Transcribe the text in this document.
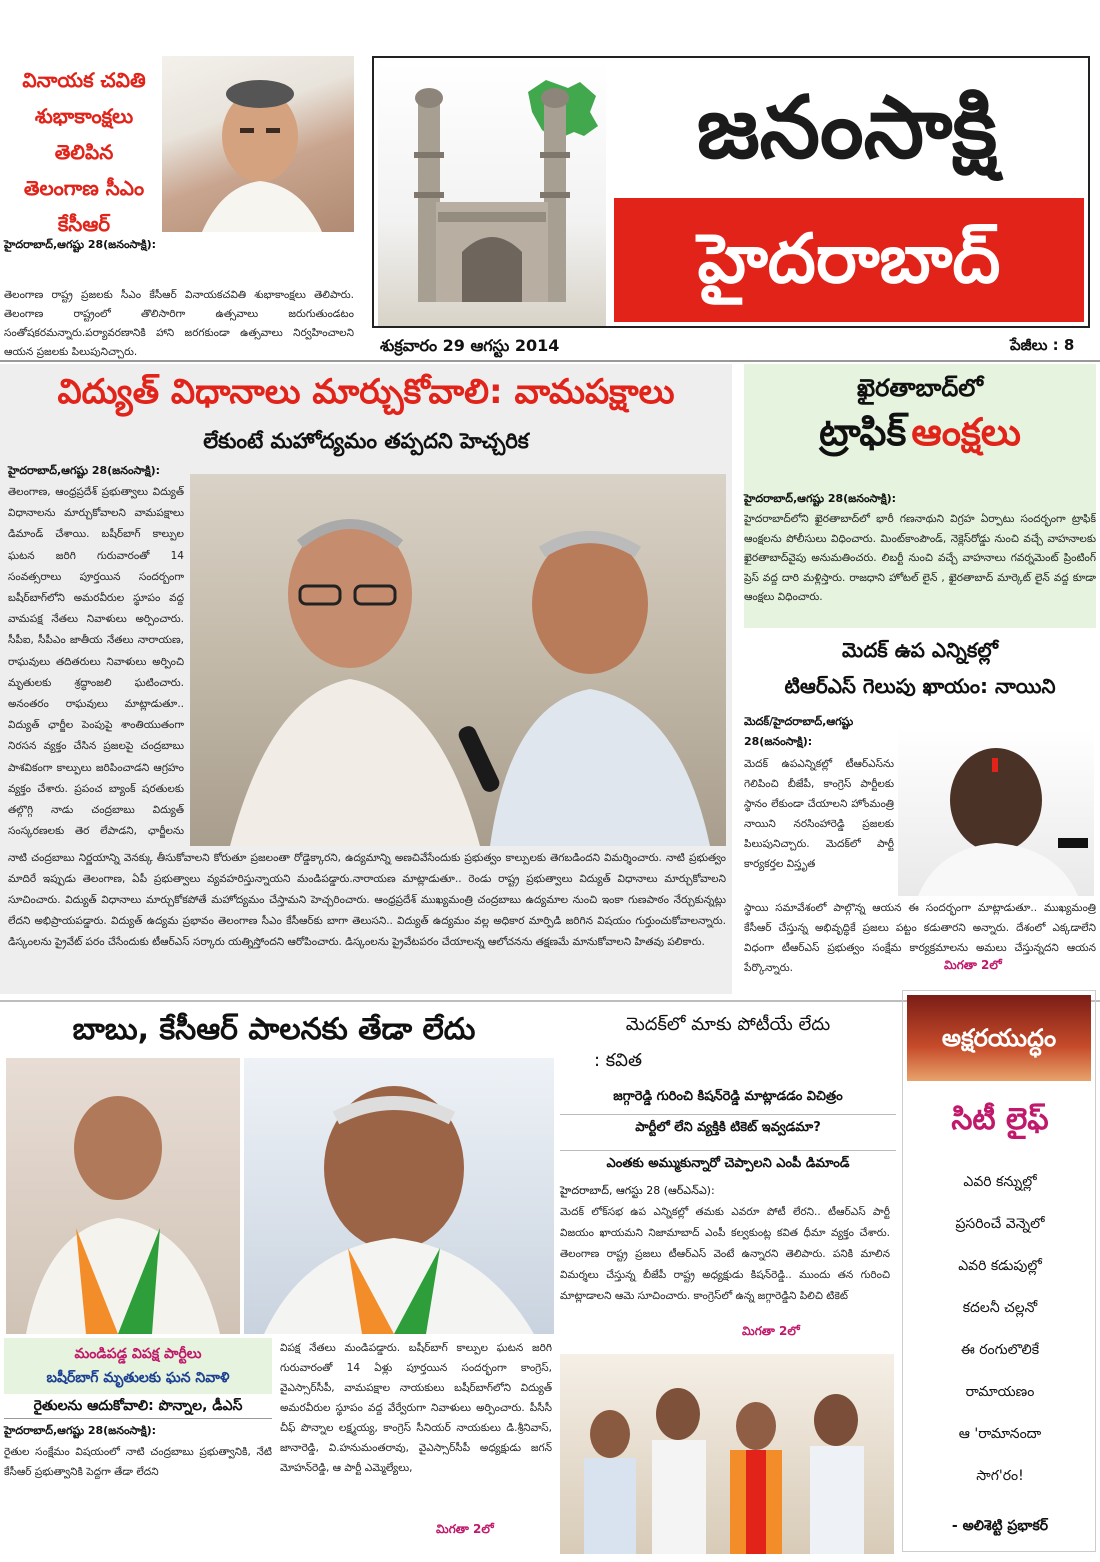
వినాయక చవితి
శుభాకాంక్షలు
తెలిపిన
తెలంగాణ సీఎం
కేసీఆర్
హైదరాబాద్,ఆగష్టు 28(జనంసాక్షి):
తెలంగాణ రాష్ట్ర ప్రజలకు సీఎం కేసీఆర్ వినాయకచవితి శుభాకాంక్షలు తెలిపారు. తెలంగాణ రాష్ట్రంలో తొలిసారిగా ఉత్సవాలు జరుగుతుండటం సంతోషకరమన్నారు.పర్యావరణానికి హాని జరగకుండా ఉత్సవాలు నిర్వహించాలని ఆయన ప్రజలకు పిలుపునిచ్చారు.
జనంసాక్షి
హైదరాబాద్
శుక్రవారం 29 ఆగస్టు 2014	పేజీలు : 8
విద్యుత్ విధానాలు మార్చుకోవాలి: వామపక్షాలు
లేకుంటే మహోద్యమం తప్పదని హెచ్చరిక
హైదరాబాద్,ఆగష్టు 28(జనంసాక్షి):
తెలంగాణ, ఆంధ్రప్రదేశ్ ప్రభుత్వాలు విద్యుత్ విధానాలను మార్చుకోవాలని వామపక్షాలు డిమాండ్ చేశాయి. బషీర్‌బాగ్ కాల్పుల ఘటన జరిగి గురువారంతో 14 సంవత్సరాలు పూర్తయిన సందర్బంగా బషీర్‌బాగ్‌లోని అమరవీరుల స్థూపం వద్ద వామపక్ష నేతలు నివాళులు అర్పించారు. సీపీఐ, సీపీఎం జాతీయ నేతలు నారాయణ, రాఘవులు తదితరులు నివాళులు అర్పించి మృతులకు శ్రద్ధాంజలి ఘటించారు. అనంతరం రాఘవులు మాట్లాడుతూ.. విద్యుత్ ఛార్జీల పెంపుపై శాంతియుతంగా నిరసన వ్యక్తం చేసిన ప్రజలపై చంద్రబాబు పాశవికంగా కాల్పులు జరిపించాడని ఆగ్రహం వ్యక్తం చేశారు. ప్రపంచ బ్యాంక్ షరతులకు తల్గొగ్గి నాడు చంద్రబాబు విద్యుత్ సంస్కరణలకు తెర లేపాడని, ఛార్జీలను
నాటి చంద్రబాబు నిర్ణయాన్ని వెనక్కు తీసుకోవాలని కోరుతూ ప్రజలంతా రోడ్డెక్కారని, ఉద్యమాన్ని అణచివేసేందుకు ప్రభుత్వం కాల్పులకు తెగబడిందని విమర్శించారు. నాటి ప్రభుత్వం మాదిరే ఇప్పుడు తెలంగాణ, ఏపీ ప్రభుత్వాలు వ్యవహరిస్తున్నాయని మండిపడ్డారు.నారాయణ మాట్లాడుతూ.. రెండు రాష్ట్ర ప్రభుత్వాలు విద్యుత్ విధానాలు మార్చుకోవాలని సూచించారు. విద్యుత్ విధానాలు మార్చుకోకపోతే మహోద్యమం చేస్తామని హెచ్చరించారు. ఆంధ్రప్రదేశ్ ముఖ్యమంత్రి చంద్రబాబు ఉద్యమాల నుంచి ఇంకా గుణపాఠం నేర్చుకున్నట్లు లేదని అభిప్రాయపడ్డారు. విద్యుత్ ఉద్యమ ప్రభావం తెలంగాణ సీఎం కేసీఆర్‌కు బాగా తెలుసని.. విద్యుత్ ఉద్యమం వల్ల అధికార మార్పిడి జరిగిన విషయం గుర్తుంచుకోవాలన్నారు. డిస్కంలను ప్రైవేట్ పరం చేసేందుకు టీఆర్ఎస్ సర్కారు యత్నిస్తోందని ఆరోపించారు. డిస్కంలను ప్రైవేటపరం చేయాలన్న ఆలోచనను తక్షణమే మానుకోవాలని హితవు పలికారు.
ఖైరతాబాద్‌లో
ట్రాఫిక్ ఆంక్షలు
హైదరాబాద్,ఆగష్టు 28(జనంసాక్షి):
హైదరాబాద్‌లోని ఖైరతాబాద్‌లో భారీ గణనాథుని విగ్రహ ఏర్పాటు సందర్భంగా ట్రాఫిక్ ఆంక్షలను పోలీసులు విధించారు. మింట్‌కాంపౌండ్, నెక్లెస్‌రోడ్డు నుంచి వచ్చే వాహనాలకు ఖైరతాబాద్‌వైపు అనుమతించరు. లిబర్టీ నుంచి వచ్చే వాహనాలు గవర్నమెంట్ ప్రింటింగ్ ప్రెస్ వద్ద దారి మళ్లిస్తారు. రాజధాని హోటల్ లైన్ , ఖైరతాబాద్ మార్కెట్ లైన్ వద్ద కూడా ఆంక్షలు విధించారు.
మెదక్ ఉప ఎన్నికల్లో
టిఆర్ఎస్ గెలుపు ఖాయం: నాయిని
మెదక్/హైదరాబాద్,ఆగష్టు 28(జనంసాక్షి):
మెదక్ ఉపఎన్నికల్లో టీఆర్ఎస్‌ను గెలిపించి బీజేపీ, కాంగ్రెస్ పార్టీలకు స్థానం లేకుండా చేయాలని హోంమంత్రి నాయిని నరసింహారెడ్డి ప్రజలకు పిలుపునిచ్చారు. మెదక్‌లో పార్టీ కార్యకర్తల విస్తృత
స్థాయి సమావేశంలో పాల్గొన్న ఆయన ఈ సందర్భంగా మాట్లాడుతూ.. ముఖ్యమంత్రి కేసీఆర్ చేస్తున్న అభివృద్ధికే ప్రజలు పట్టం కడుతారని అన్నారు. దేశంలో ఎక్కడాలేని విధంగా టీఆర్ఎస్ ప్రభుత్వం సంక్షేమ కార్యక్రమాలను అమలు చేస్తున్నదని ఆయన పేర్కొన్నారు.	మిగతా 2లో
బాబు, కేసీఆర్ పాలనకు తేడా లేదు
మండిపడ్డ విపక్ష పార్టీలు
బషీర్‌బాగ్ మృతులకు ఘన నివాళి
రైతులను ఆదుకోవాలి: పొన్నాల, డీఎస్
హైదరాబాద్,ఆగష్టు 28(జనంసాక్షి):
రైతుల సంక్షేమం విషయంలో నాటి చంద్రబాబు ప్రభుత్వానికి, నేటి కేసీఆర్ ప్రభుత్వానికి పెద్దగా తేడా లేదని
విపక్ష నేతలు మండిపడ్డారు. బషీర్‌బాగ్ కాల్పుల ఘటన జరిగి గురువారంతో 14 ఏళ్లు పూర్తయిన సందర్భంగా కాంగ్రెస్, వైఎస్సార్‌సీపీ, వామపక్షాల నాయకులు బషీర్‌బాగ్‌లోని విద్యుత్ అమరవీరుల స్థూపం వద్ద వేర్వేరుగా నివాళులు అర్పించారు. పీసీసీ చీఫ్ పొన్నాల లక్ష్మయ్య, కాంగ్రెస్ సీనియర్ నాయకులు డి.శ్రీనివాస్, జానారెడ్డి, వి.హనుమంతరావు, వైఎస్సార్‌సీపీ అధ్యక్షుడు జగన్ మోహన్‌రెడ్డి, ఆ పార్టీ ఎమ్మెల్యేలు,
మిగతా 2లో
మెదక్‌లో మాకు పోటీయే లేదు
: కవిత
జగ్గారెడ్డి గురించి కిషన్‌రెడ్డి మాట్లాడడం విచిత్రం
పార్టీలో లేని వ్యక్తికి టికెట్ ఇవ్వడమా?
ఎంతకు అమ్ముకున్నారో చెప్పాలని ఎంపీ డిమాండ్
హైదరాబాద్, ఆగస్టు 28 (ఆర్ఎన్ఎ):
మెదక్ లోక్‌సభ ఉప ఎన్నికల్లో తమకు ఎవరూ పోటీ లేరని.. టీఆర్ఎస్ పార్టీ విజయం ఖాయమని నిజామాబాద్ ఎంపీ కల్వకుంట్ల కవిత ధీమా వ్యక్తం చేశారు. తెలంగాణ రాష్ట్ర ప్రజలు టీఆర్ఎస్ వెంటే ఉన్నారని తెలిపారు. పనికి మాలిన విమర్శలు చేస్తున్న బీజేపీ రాష్ట్ర అధ్యక్షుడు కిషన్‌రెడ్డి.. ముందు తన గురించి మాట్లాడాలని ఆమె సూచించారు. కాంగ్రెస్‌లో ఉన్న జగ్గారెడ్డిని పిలిచి టికెట్
మిగతా 2లో
అక్షరయుద్ధం
సిటీ లైఫ్
ఎవరి కన్నుల్లో
ప్రసరించే వెన్నెలో
ఎవరి కడుపుల్లో
కదలనీ చల్లనో
ఈ రంగులొలికే
రామాయణం
ఆ 'రామానందా
సాగ'రం!
- అలిశెట్టి ప్రభాకర్
